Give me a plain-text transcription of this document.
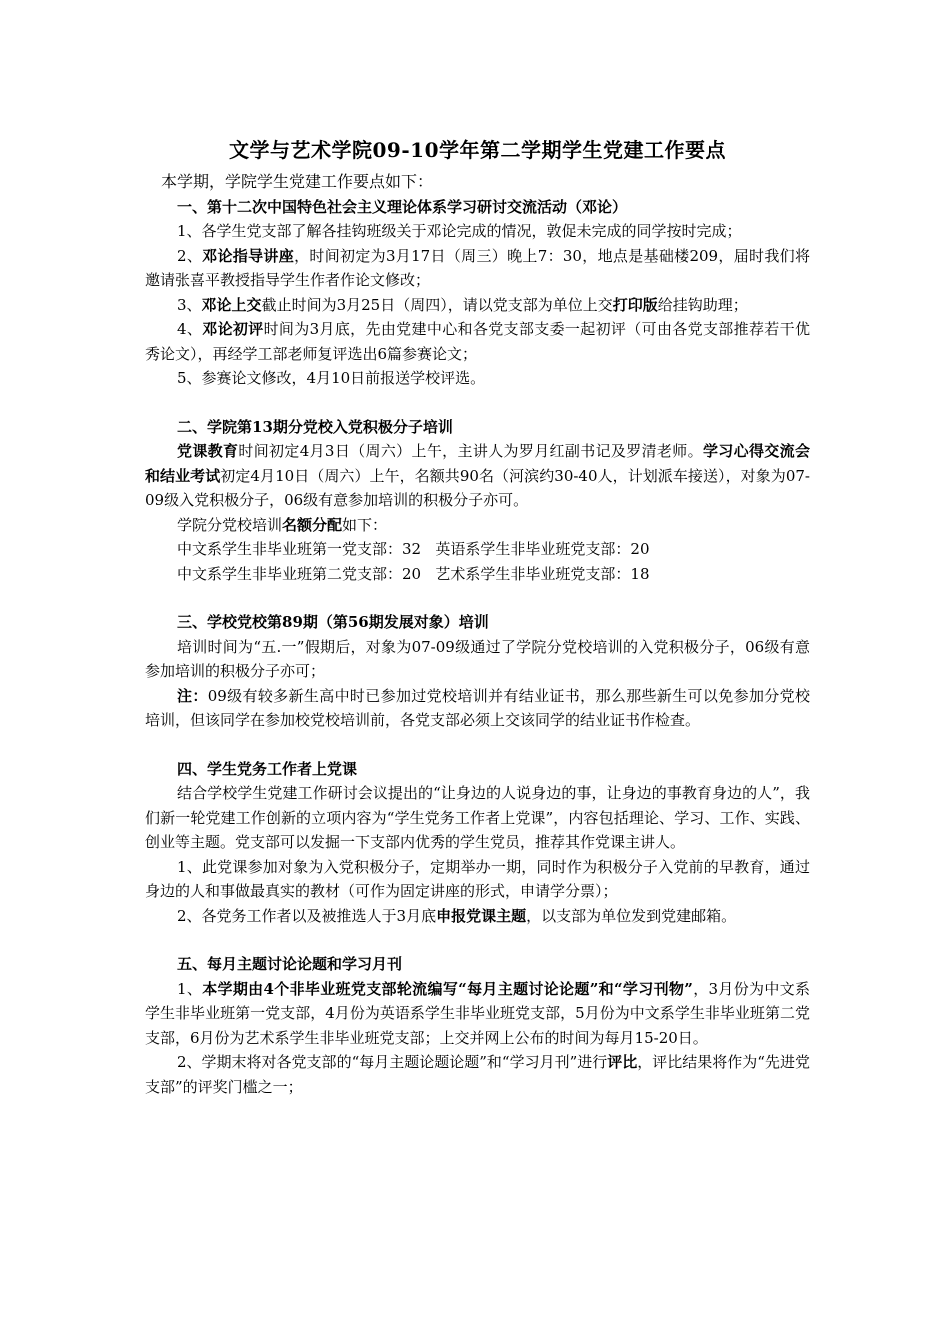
文学与艺术学院09-10学年第二学期学生党建工作要点

本学期，学院学生党建工作要点如下：

一、第十二次中国特色社会主义理论体系学习研讨交流活动（邓论）

1、各学生党支部了解各挂钩班级关于邓论完成的情况，敦促未完成的同学按时完成；

2、邓论指导讲座，时间初定为3月17日（周三）晚上7：30，地点是基础楼209，届时我们将邀请张喜平教授指导学生作者作论文修改；

3、邓论上交截止时间为3月25日（周四），请以党支部为单位上交打印版给挂钩助理；

4、邓论初评时间为3月底，先由党建中心和各党支部支委一起初评（可由各党支部推荐若干优秀论文），再经学工部老师复评选出6篇参赛论文；

5、参赛论文修改，4月10日前报送学校评选。

二、学院第13期分党校入党积极分子培训

党课教育时间初定4月3日（周六）上午，主讲人为罗月红副书记及罗清老师。学习心得交流会和结业考试初定4月10日（周六）上午，名额共90名（河滨约30-40人，计划派车接送），对象为07-09级入党积极分子，06级有意参加培训的积极分子亦可。

学院分党校培训名额分配如下：

中文系学生非毕业班第一党支部：32   英语系学生非毕业班党支部：20

中文系学生非毕业班第二党支部：20   艺术系学生非毕业班党支部：18

三、学校党校第89期（第56期发展对象）培训

培训时间为“五.一”假期后，对象为07-09级通过了学院分党校培训的入党积极分子，06级有意参加培训的积极分子亦可；

注：09级有较多新生高中时已参加过党校培训并有结业证书，那么那些新生可以免参加分党校培训，但该同学在参加校党校培训前，各党支部必须上交该同学的结业证书作检查。

四、学生党务工作者上党课

结合学校学生党建工作研讨会议提出的“让身边的人说身边的事，让身边的事教育身边的人”，我们新一轮党建工作创新的立项内容为“学生党务工作者上党课”，内容包括理论、学习、工作、实践、创业等主题。党支部可以发掘一下支部内优秀的学生党员，推荐其作党课主讲人。

1、此党课参加对象为入党积极分子，定期举办一期，同时作为积极分子入党前的早教育，通过身边的人和事做最真实的教材（可作为固定讲座的形式，申请学分票）；

2、各党务工作者以及被推选人于3月底申报党课主题，以支部为单位发到党建邮箱。

五、每月主题讨论论题和学习月刊

1、本学期由4个非毕业班党支部轮流编写“每月主题讨论论题”和“学习刊物”，3月份为中文系学生非毕业班第一党支部，4月份为英语系学生非毕业班党支部，5月份为中文系学生非毕业班第二党支部，6月份为艺术系学生非毕业班党支部；上交并网上公布的时间为每月15-20日。

2、学期末将对各党支部的“每月主题论题论题”和“学习月刊”进行评比，评比结果将作为“先进党支部”的评奖门槛之一；
